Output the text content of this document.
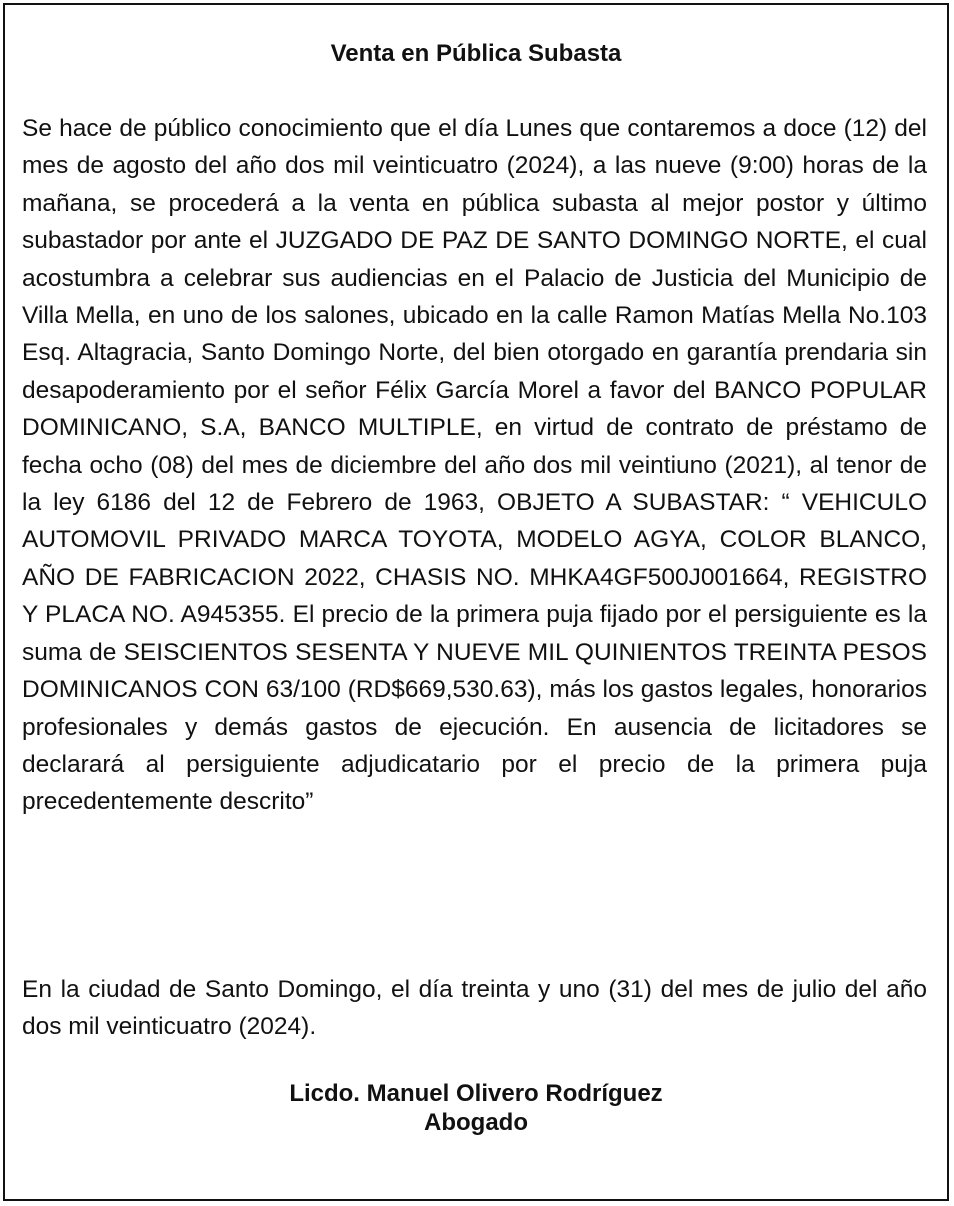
Venta en Pública Subasta

Se hace de público conocimiento que el día Lunes que contaremos a doce (12) del mes de agosto del año dos mil veinticuatro (2024), a las nueve (9:00) horas de la mañana, se procederá a la venta en pública subasta al mejor postor y último subastador por ante el JUZGADO DE PAZ DE SANTO DOMINGO NORTE, el cual acostumbra a celebrar sus audiencias en el Palacio de Justicia del Municipio de Villa Mella, en uno de los salones, ubicado en la calle Ramon Matías Mella No.103 Esq. Altagracia, Santo Domingo Norte, del bien otorgado en garantía prendaria sin desapoderamiento por el señor Félix García Morel a favor del BANCO POPULAR DOMINICANO, S.A, BANCO MULTIPLE, en virtud de contrato de préstamo de fecha ocho (08) del mes de diciembre del año dos mil veintiuno (2021), al tenor de la ley 6186 del 12 de Febrero de 1963, OBJETO A SUBASTAR: “ VEHICULO AUTOMOVIL PRIVADO MARCA TOYOTA, MODELO AGYA, COLOR BLANCO, AÑO DE FABRICACION 2022, CHASIS NO. MHKA4GF500J001664, REGISTRO Y PLACA NO. A945355. El precio de la primera puja fijado por el persiguiente es la suma de SEISCIENTOS SESENTA Y NUEVE MIL QUINIENTOS TREINTA PESOS DOMINICANOS CON 63/100 (RD$669,530.63), más los gastos legales, honorarios profesionales y demás gastos de ejecución. En ausencia de licitadores se declarará al persiguiente adjudicatario por el precio de la primera puja precedentemente descrito”

En la ciudad de Santo Domingo, el día treinta y uno (31) del mes de julio del año dos mil veinticuatro (2024).

Licdo. Manuel Olivero Rodríguez
Abogado
